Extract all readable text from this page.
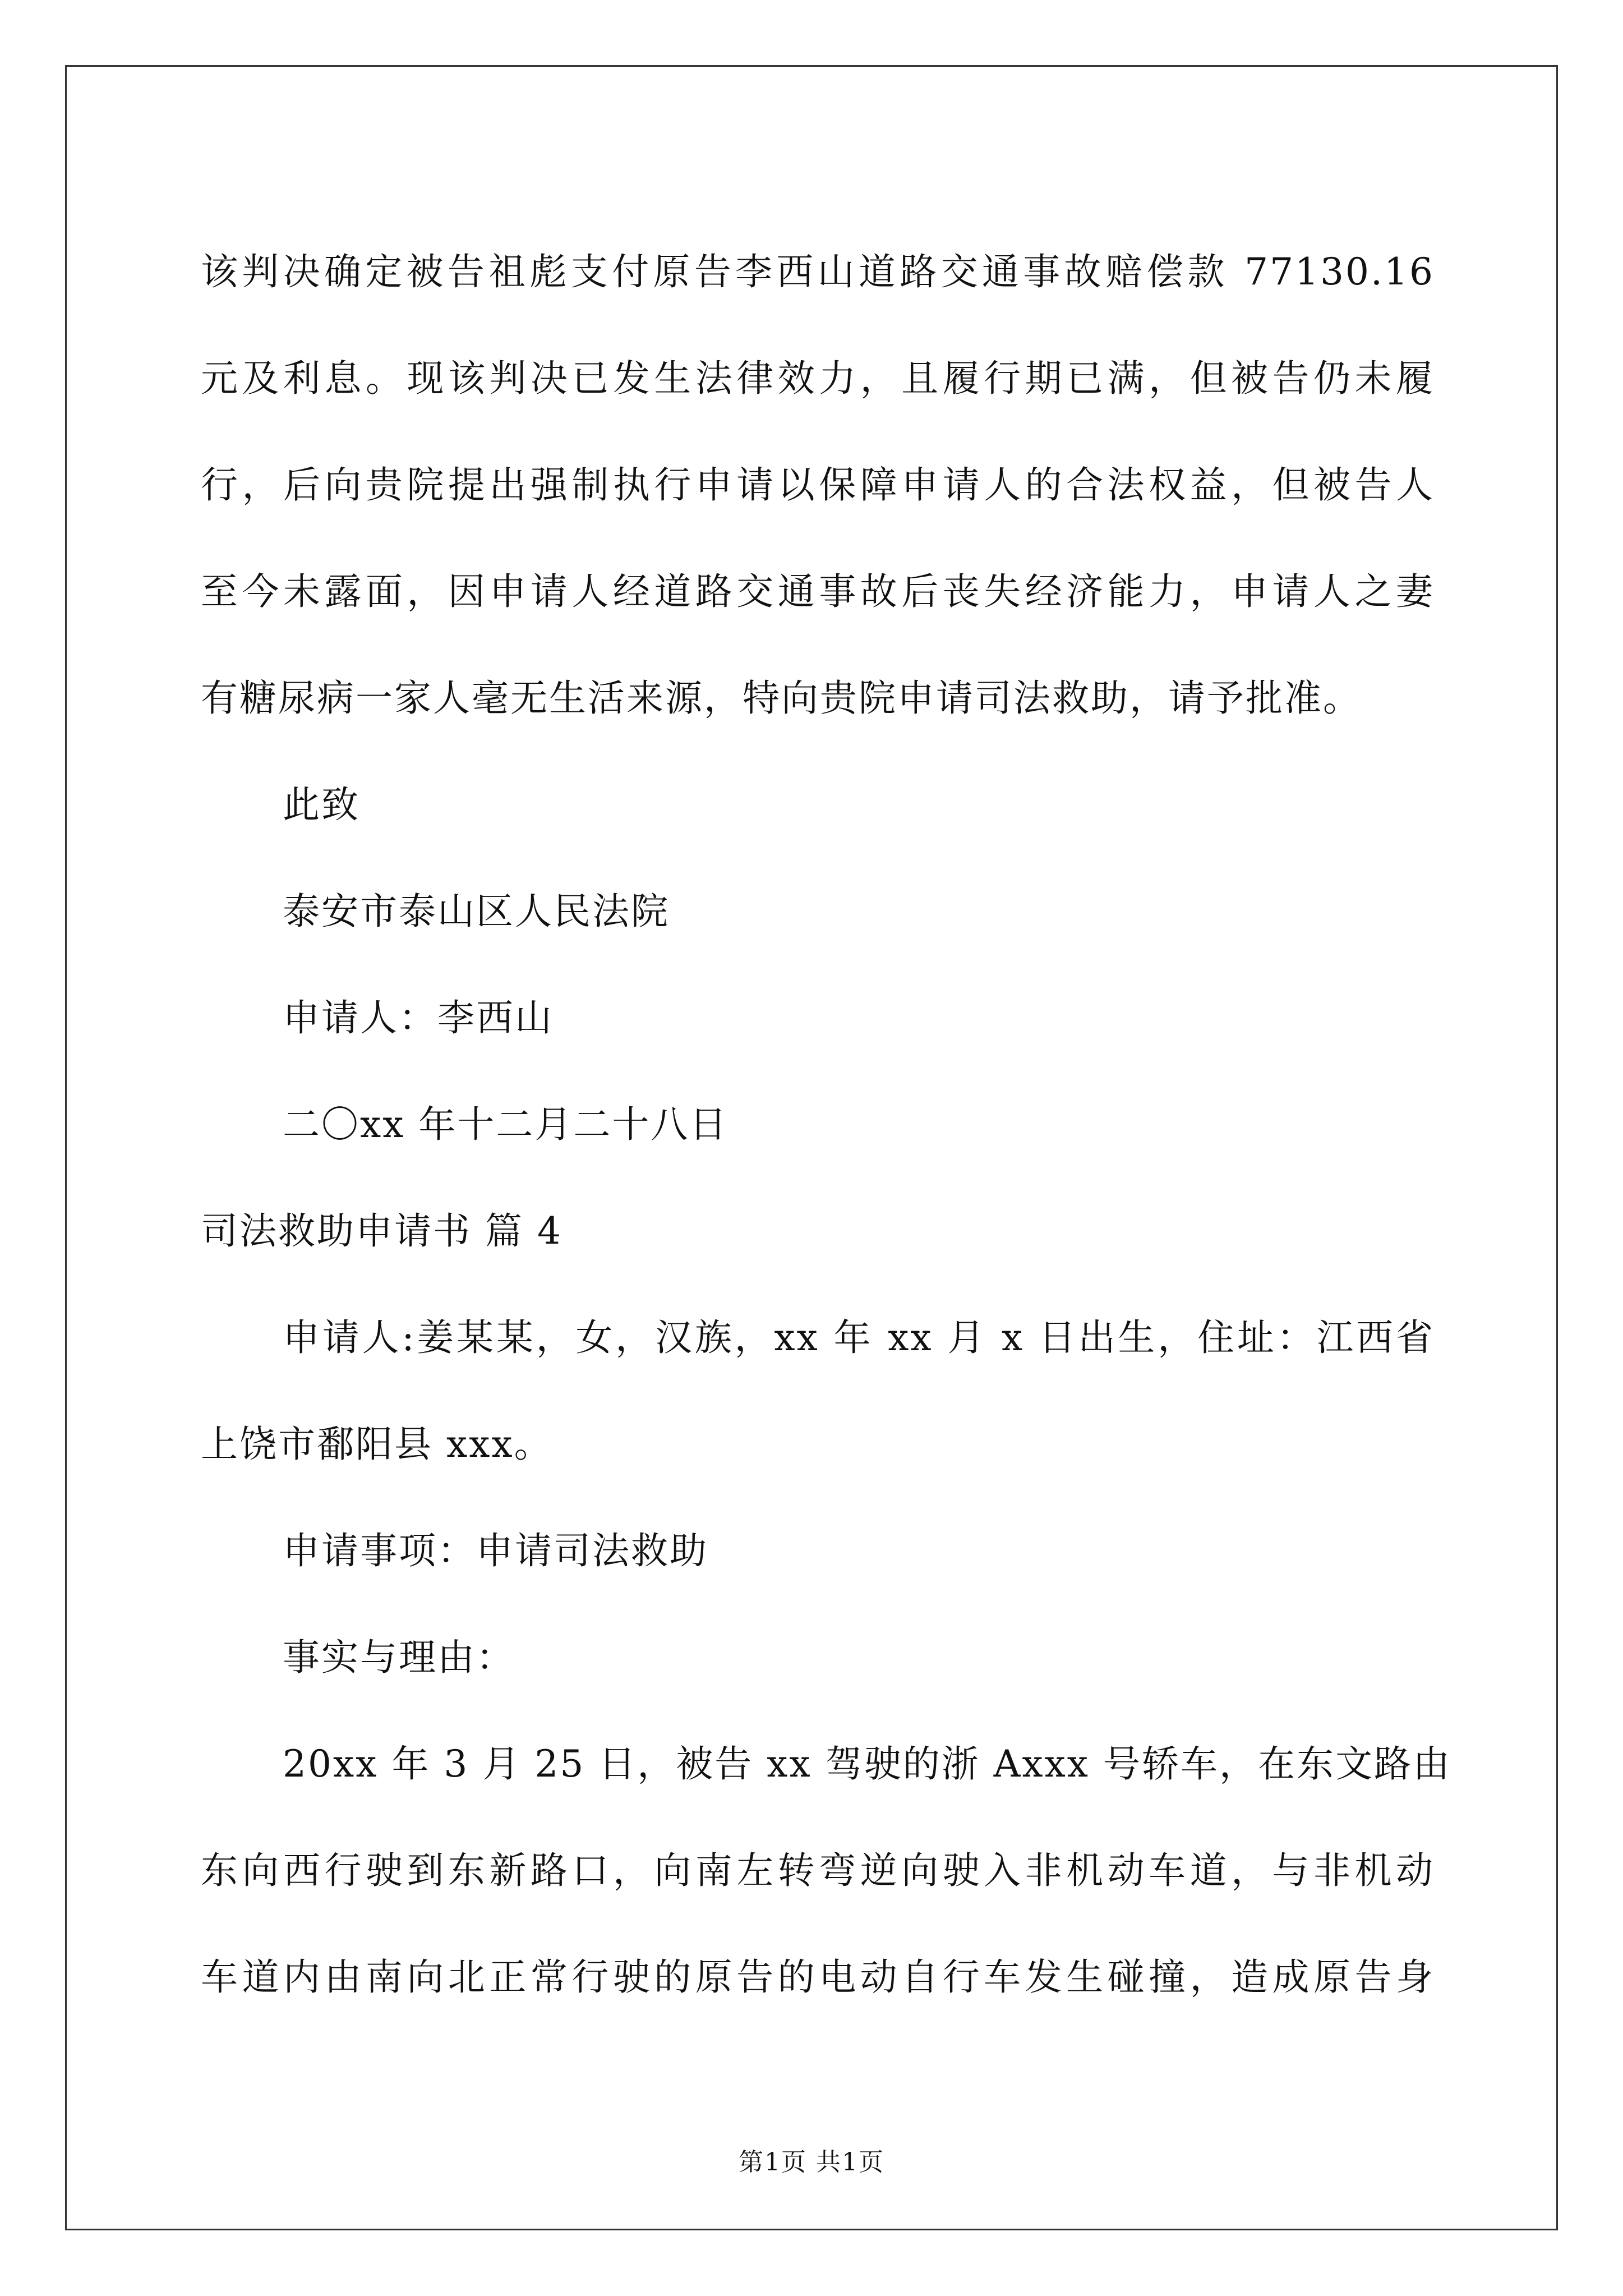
该判决确定被告祖彪支付原告李西山道路交通事故赔偿款 77130.16
元及利息。现该判决已发生法律效力，且履行期已满，但被告仍未履
行，后向贵院提出强制执行申请以保障申请人的合法权益，但被告人
至今未露面，因申请人经道路交通事故后丧失经济能力，申请人之妻
有糖尿病一家人毫无生活来源，特向贵院申请司法救助，请予批准。
此致
泰安市泰山区人民法院
申请人：李西山
二〇xx 年十二月二十八日
司法救助申请书 篇 4
申请人:姜某某，女，汉族，xx 年 xx 月 x 日出生，住址：江西省
上饶市鄱阳县 xxx。
申请事项：申请司法救助
事实与理由：
20xx 年 3 月 25 日，被告 xx 驾驶的浙 Axxx 号轿车，在东文路由
东向西行驶到东新路口，向南左转弯逆向驶入非机动车道，与非机动
车道内由南向北正常行驶的原告的电动自行车发生碰撞，造成原告身
第1页 共1页
